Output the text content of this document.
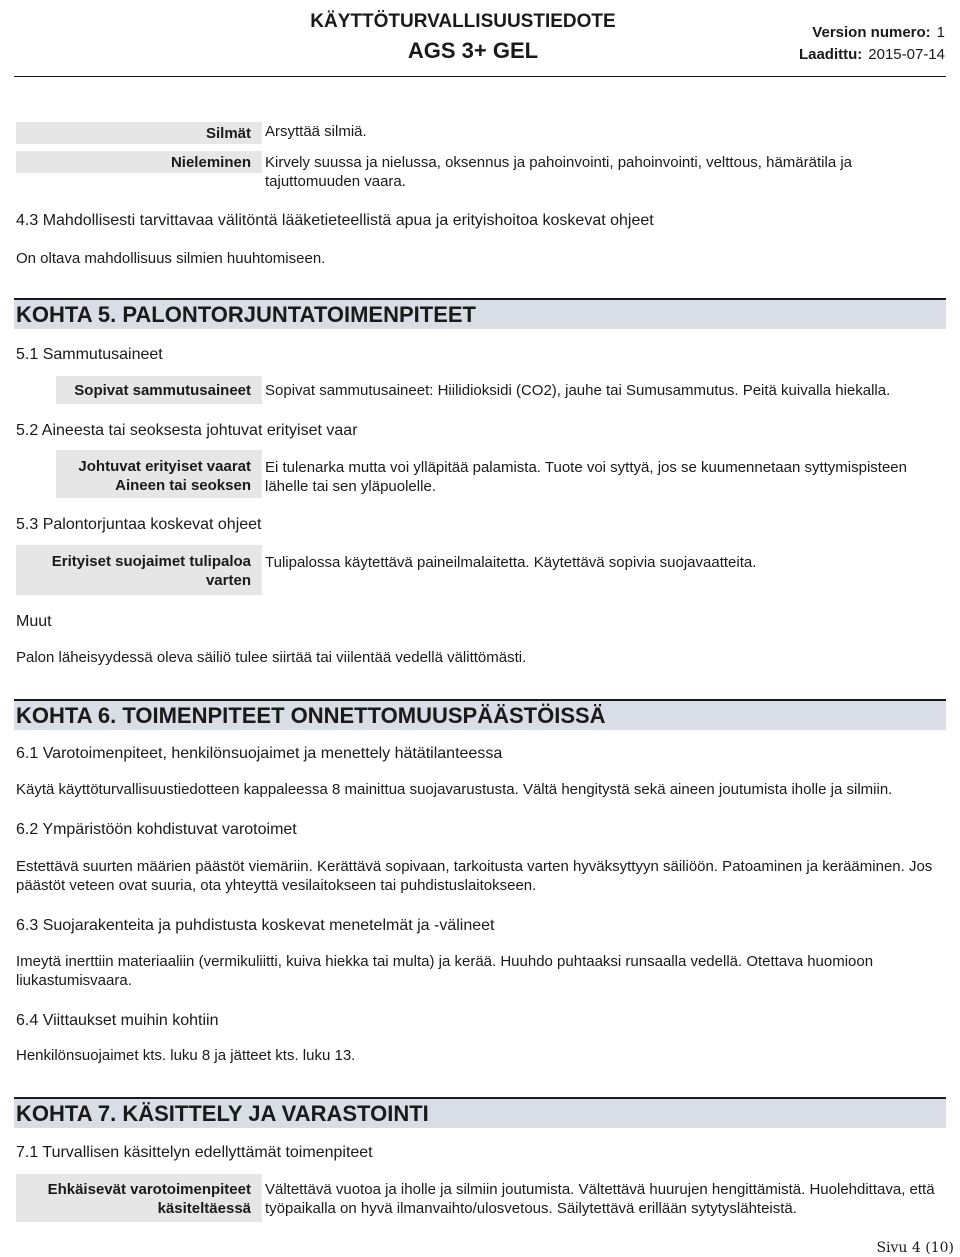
KÄYTTÖTURVALLISUUSTIEDOTE
AGS 3+ GEL
Version numero: 1
Laadittu: 2015-07-14
Silmät Arsyttää silmiä.
Nieleminen Kirvely suussa ja nielussa, oksennus ja pahoinvointi, pahoinvointi, velttous, hämärätila ja tajuttomuuden vaara.
4.3 Mahdollisesti tarvittavaa välitöntä lääketieteellistä apua ja erityishoitoa koskevat ohjeet
On oltava mahdollisuus silmien huuhtomiseen.
KOHTA 5. PALONTORJUNTATOIMENPITEET
5.1 Sammutusaineet
Sopivat sammutusaineet Sopivat sammutusaineet: Hiilidioksidi (CO2), jauhe tai Sumusammutus. Peitä kuivalla hiekalla.
5.2 Aineesta tai seoksesta johtuvat erityiset vaar
Johtuvat erityiset vaarat
Aineen tai seoksen
Ei tulenarka mutta voi ylläpitää palamista. Tuote voi syttyä, jos se kuumennetaan syttymispisteen lähelle tai sen yläpuolelle.
5.3 Palontorjuntaa koskevat ohjeet
Erityiset suojaimet tulipaloa
varten
Tulipalossa käytettävä paineilmalaitetta. Käytettävä sopivia suojavaatteita.
Muut
Palon läheisyydessä oleva säiliö tulee siirtää tai viilentää vedellä välittömästi.
KOHTA 6. TOIMENPITEET ONNETTOMUUSPÄÄSTÖISSÄ
6.1 Varotoimenpiteet, henkilönsuojaimet ja menettely hätätilanteessa
Käytä käyttöturvallisuustiedotteen kappaleessa 8 mainittua suojavarustusta. Vältä hengitystä sekä aineen joutumista iholle ja silmiin.
6.2 Ympäristöön kohdistuvat varotoimet
Estettävä suurten määrien päästöt viemäriin. Kerättävä sopivaan, tarkoitusta varten hyväksyttyyn säiliöön. Patoaminen ja kerääminen. Jos päästöt veteen ovat suuria, ota yhteyttä vesilaitokseen tai puhdistuslaitokseen.
6.3 Suojarakenteita ja puhdistusta koskevat menetelmät ja -välineet
Imeytä inerttiin materiaaliin (vermikuliitti, kuiva hiekka tai multa) ja kerää. Huuhdo puhtaaksi runsaalla vedellä. Otettava huomioon liukastumisvaara.
6.4 Viittaukset muihin kohtiin
Henkilönsuojaimet kts. luku 8 ja jätteet kts. luku 13.
KOHTA 7. KÄSITTELY JA VARASTOINTI
7.1 Turvallisen käsittelyn edellyttämät toimenpiteet
Ehkäisevät varotoimenpiteet
käsiteltäessä
Vältettävä vuotoa ja iholle ja silmiin joutumista. Vältettävä huurujen hengittämistä. Huolehdittava, että työpaikalla on hyvä ilmanvaihto/ulosvetous. Säilytettävä erillään sytytyslähteistä.
Sivu 4 (10)
